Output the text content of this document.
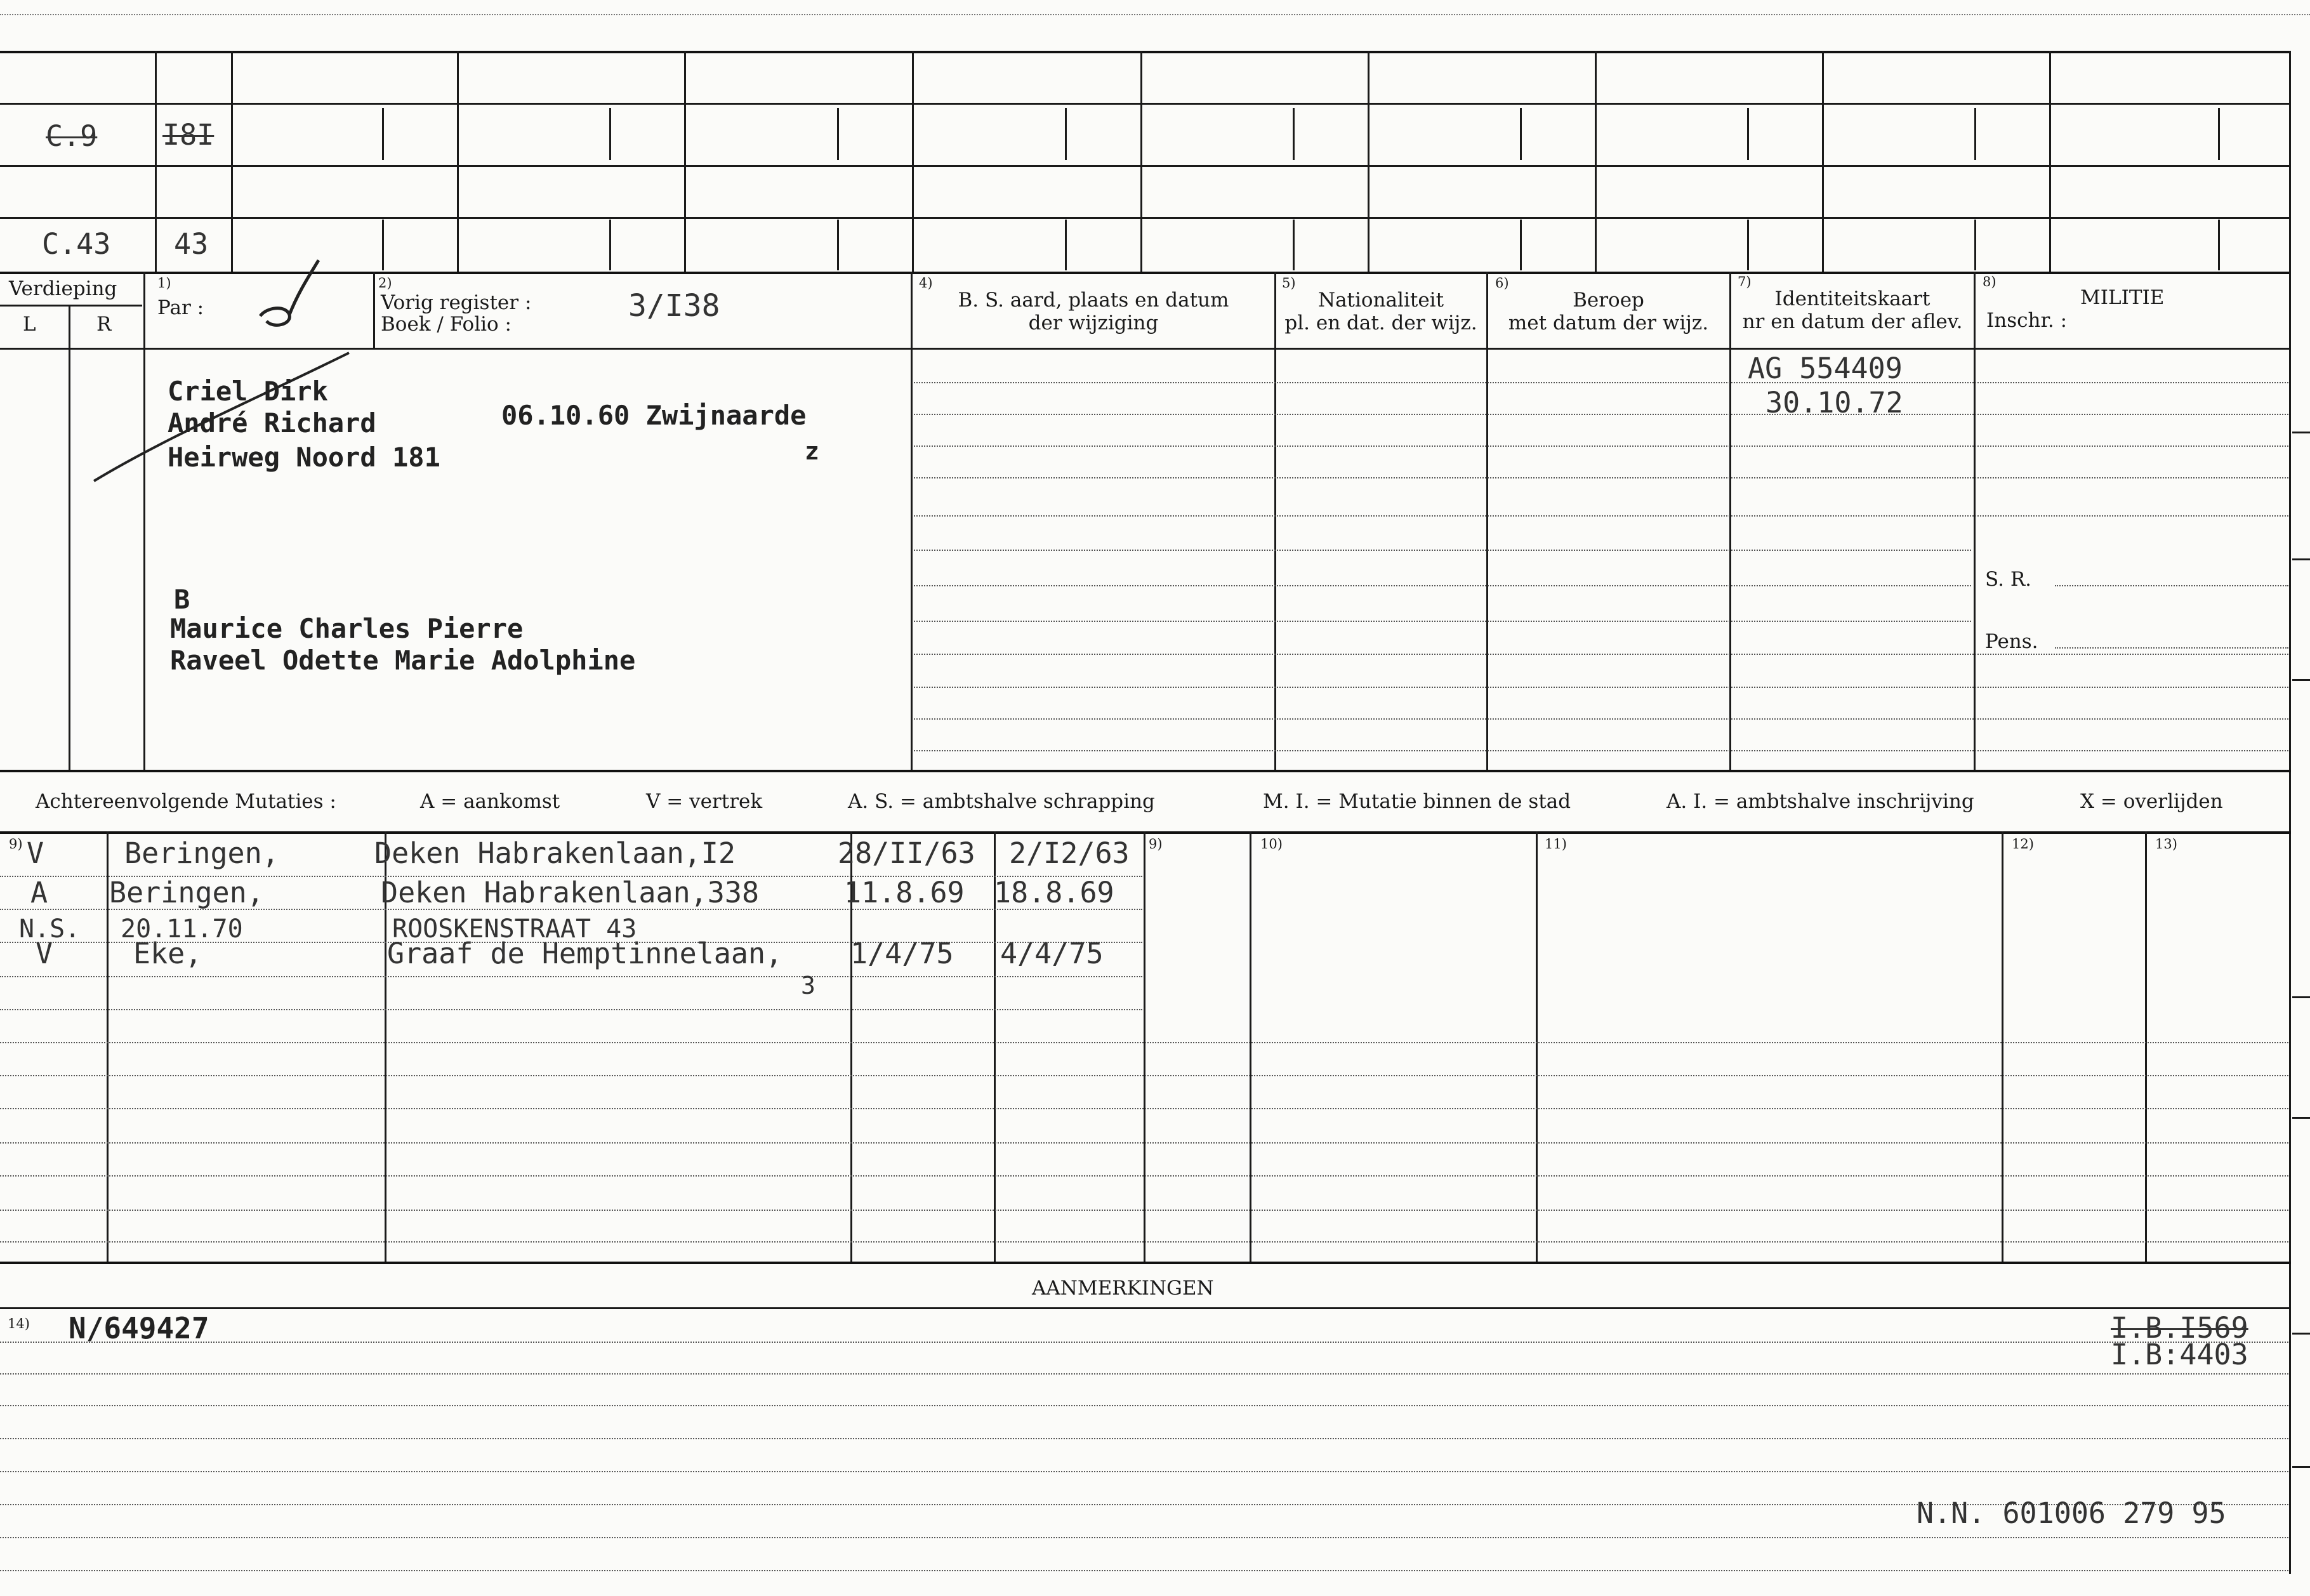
C.9 I8I
C.43 43
Verdieping
L	R
1)
Par :
2)
Vorig register :
Boek / Folio :
3/I38
4)
B. S. aard, plaats en datum
der wijziging
5)
Nationaliteit
pl. en dat. der wijz.
6)
Beroep
met datum der wijz.
7)
Identiteitskaart
nr en datum der aflev.
8)
MILITIE
Inschr. :
S. R.
Pens.
Criel Dirk
André Richard
Heirweg Noord 181
06.10.60 Zwijnaarde
z
B
Maurice Charles Pierre
Raveel Odette Marie Adolphine
AG 554409
30.10.72
Achtereenvolgende Mutaties :	A = aankomst	V = vertrek	A. S. = ambtshalve schrapping	M. I. = Mutatie binnen de stad	A. I. = ambtshalve inschrijving	X = overlijden
9)	9)	10)	11)	12)	13)
V	Beringen,	Deken Habrakenlaan,I2	28/II/63 2/I2/63
A Beringen,	Deken Habrakenlaan,338	11.8.69 18.8.69
N.S. 20.11.70	ROOSKENSTRAAT 43
V	Eke,	Graaf de Hemptinnelaan, 1/4/75 4/4/75
3
AANMERKINGEN
14) N/649427	I.B.I569
I.B:4403
N.N. 601006 279 95
